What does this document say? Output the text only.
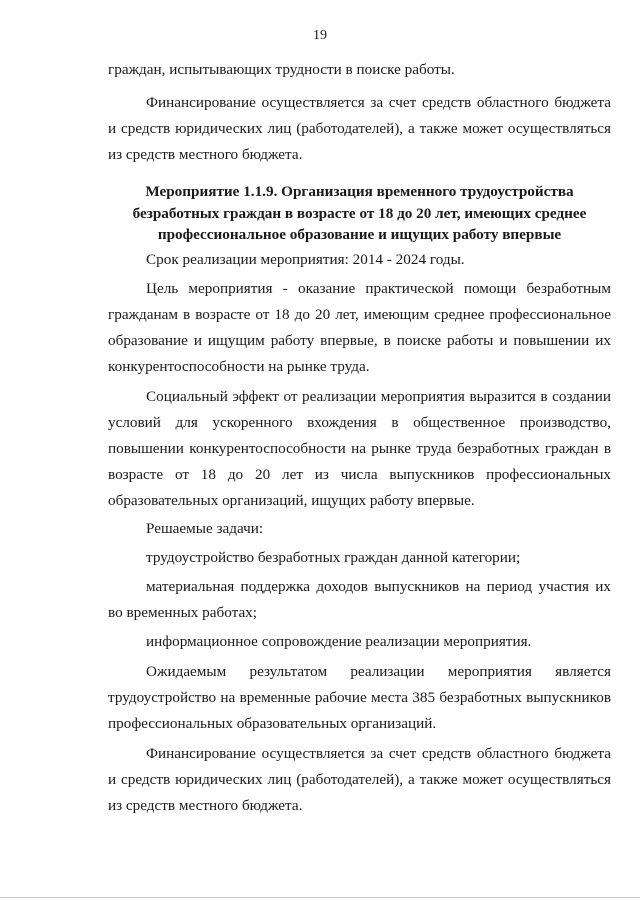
19

граждан, испытывающих трудности в поиске работы.

Финансирование осуществляется за счет средств областного бюджета и средств юридических лиц (работодателей), а также может осуществляться из средств местного бюджета.

Мероприятие 1.1.9. Организация временного трудоустройства безработных граждан в возрасте от 18 до 20 лет, имеющих среднее профессиональное образование и ищущих работу впервые

Срок реализации мероприятия: 2014 - 2024 годы.

Цель мероприятия - оказание практической помощи безработным гражданам в возрасте от 18 до 20 лет, имеющим среднее профессиональное образование и ищущим работу впервые, в поиске работы и повышении их конкурентоспособности на рынке труда.

Социальный эффект от реализации мероприятия выразится в создании условий для ускоренного вхождения в общественное производство, повышении конкурентоспособности на рынке труда безработных граждан в возрасте от 18 до 20 лет из числа выпускников профессиональных образовательных организаций, ищущих работу впервые.

Решаемые задачи:

трудоустройство безработных граждан данной категории;

материальная поддержка доходов выпускников на период участия их во временных работах;

информационное сопровождение реализации мероприятия.

Ожидаемым результатом реализации мероприятия является трудоустройство на временные рабочие места 385 безработных выпускников профессиональных образовательных организаций.

Финансирование осуществляется за счет средств областного бюджета и средств юридических лиц (работодателей), а также может осуществляться из средств местного бюджета.
